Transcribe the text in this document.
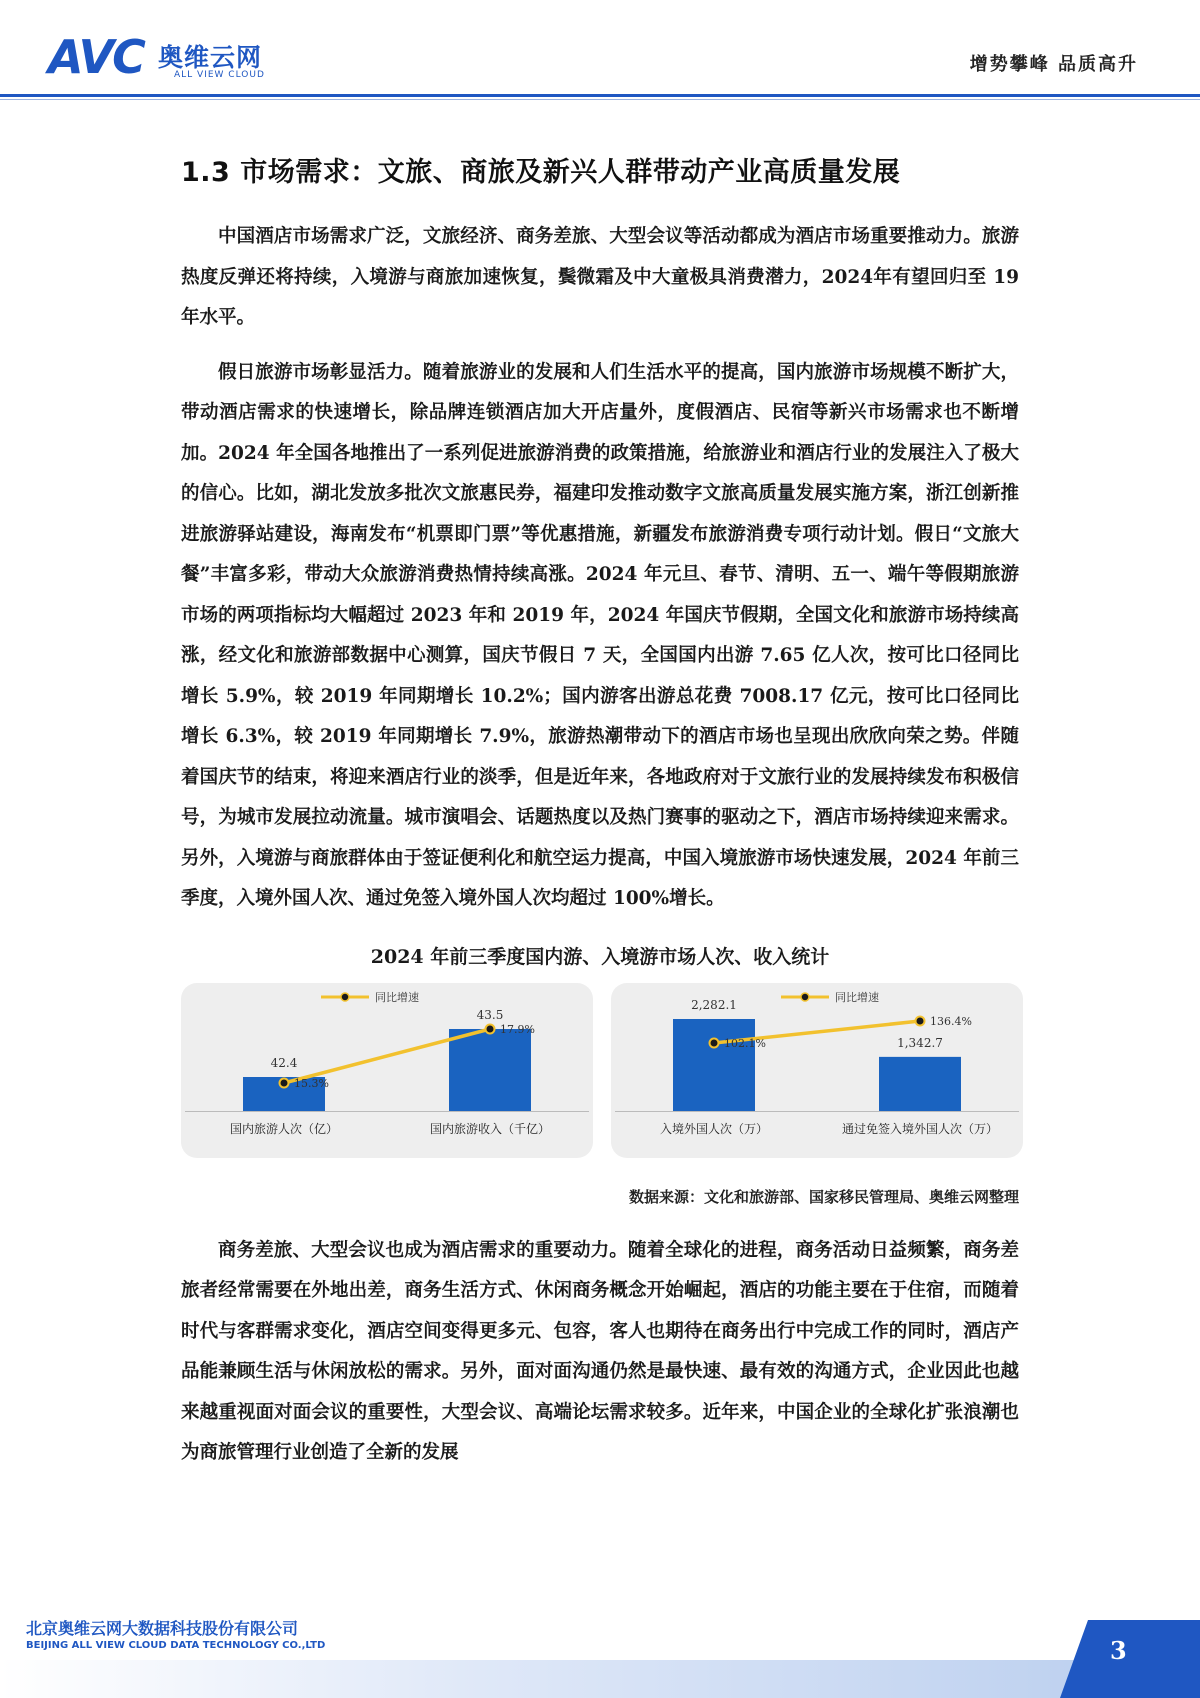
AVC 奥维云网
ALL VIEW CLOUD	增势攀峰 品质高升
1.3 市场需求：文旅、商旅及新兴人群带动产业高质量发展

中国酒店市场需求广泛，文旅经济、商务差旅、大型会议等活动都成为酒店市场重要推动力。旅游热度反弹还将持续，入境游与商旅加速恢复，鬓微霜及中大童极具消费潜力，2024年有望回归至 19 年水平。

假日旅游市场彰显活力。随着旅游业的发展和人们生活水平的提高，国内旅游市场规模不断扩大，带动酒店需求的快速增长，除品牌连锁酒店加大开店量外，度假酒店、民宿等新兴市场需求也不断增加。2024 年全国各地推出了一系列促进旅游消费的政策措施，给旅游业和酒店行业的发展注入了极大的信心。比如，湖北发放多批次文旅惠民券，福建印发推动数字文旅高质量发展实施方案，浙江创新推进旅游驿站建设，海南发布“机票即门票”等优惠措施，新疆发布旅游消费专项行动计划。假日“文旅大餐”丰富多彩，带动大众旅游消费热情持续高涨。2024 年元旦、春节、清明、五一、端午等假期旅游市场的两项指标均大幅超过 2023 年和 2019 年，2024 年国庆节假期，全国文化和旅游市场持续高涨，经文化和旅游部数据中心测算，国庆节假日 7 天，全国国内出游 7.65 亿人次，按可比口径同比增长 5.9%，较 2019 年同期增长 10.2%；国内游客出游总花费 7008.17 亿元，按可比口径同比增长 6.3%，较 2019 年同期增长 7.9%，旅游热潮带动下的酒店市场也呈现出欣欣向荣之势。伴随着国庆节的结束，将迎来酒店行业的淡季，但是近年来，各地政府对于文旅行业的发展持续发布积极信号，为城市发展拉动流量。城市演唱会、话题热度以及热门赛事的驱动之下，酒店市场持续迎来需求。另外，入境游与商旅群体由于签证便利化和航空运力提高，中国入境旅游市场快速发展，2024 年前三季度，入境外国人次、通过免签入境外国人次均超过 100%增长。

2024 年前三季度国内游、入境游市场人次、收入统计
同比增速
42.4
国内旅游人次（亿）
43.5
国内旅游收入（千亿）
15.3%
17.9%
同比增速
2,282.1
入境外国人次（万）
1,342.7
通过免签入境外国人次（万）
102.1%
136.4%
数据来源：文化和旅游部、国家移民管理局、奥维云网整理

商务差旅、大型会议也成为酒店需求的重要动力。随着全球化的进程，商务活动日益频繁，商务差旅者经常需要在外地出差，商务生活方式、休闲商务概念开始崛起，酒店的功能主要在于住宿，而随着时代与客群需求变化，酒店空间变得更多元、包容，客人也期待在商务出行中完成工作的同时，酒店产品能兼顾生活与休闲放松的需求。另外，面对面沟通仍然是最快速、最有效的沟通方式，企业因此也越来越重视面对面会议的重要性，大型会议、高端论坛需求较多。近年来，中国企业的全球化扩张浪潮也为商旅管理行业创造了全新的发展

北京奥维云网大数据科技股份有限公司
BEIJING ALL VIEW CLOUD DATA TECHNOLOGY CO.,LTD	3
